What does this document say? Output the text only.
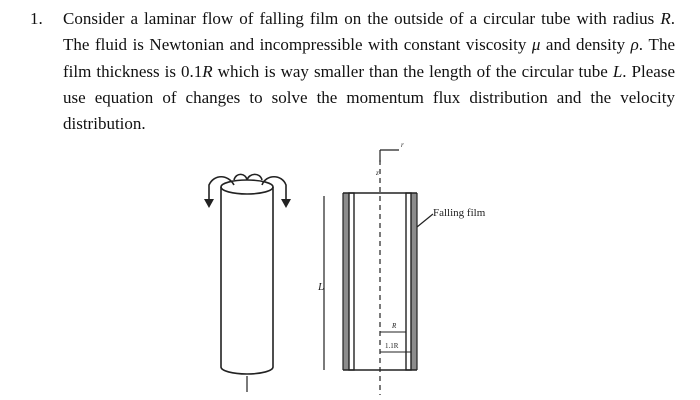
1. Consider a laminar flow of falling film on the outside of a circular tube with radius R. The fluid is Newtonian and incompressible with constant viscosity μ and density ρ. The film thickness is 0.1R which is way smaller than the length of the circular tube L. Please use equation of changes to solve the momentum flux distribution and the velocity distribution.

L
r
z
R
1.1R
Falling film
